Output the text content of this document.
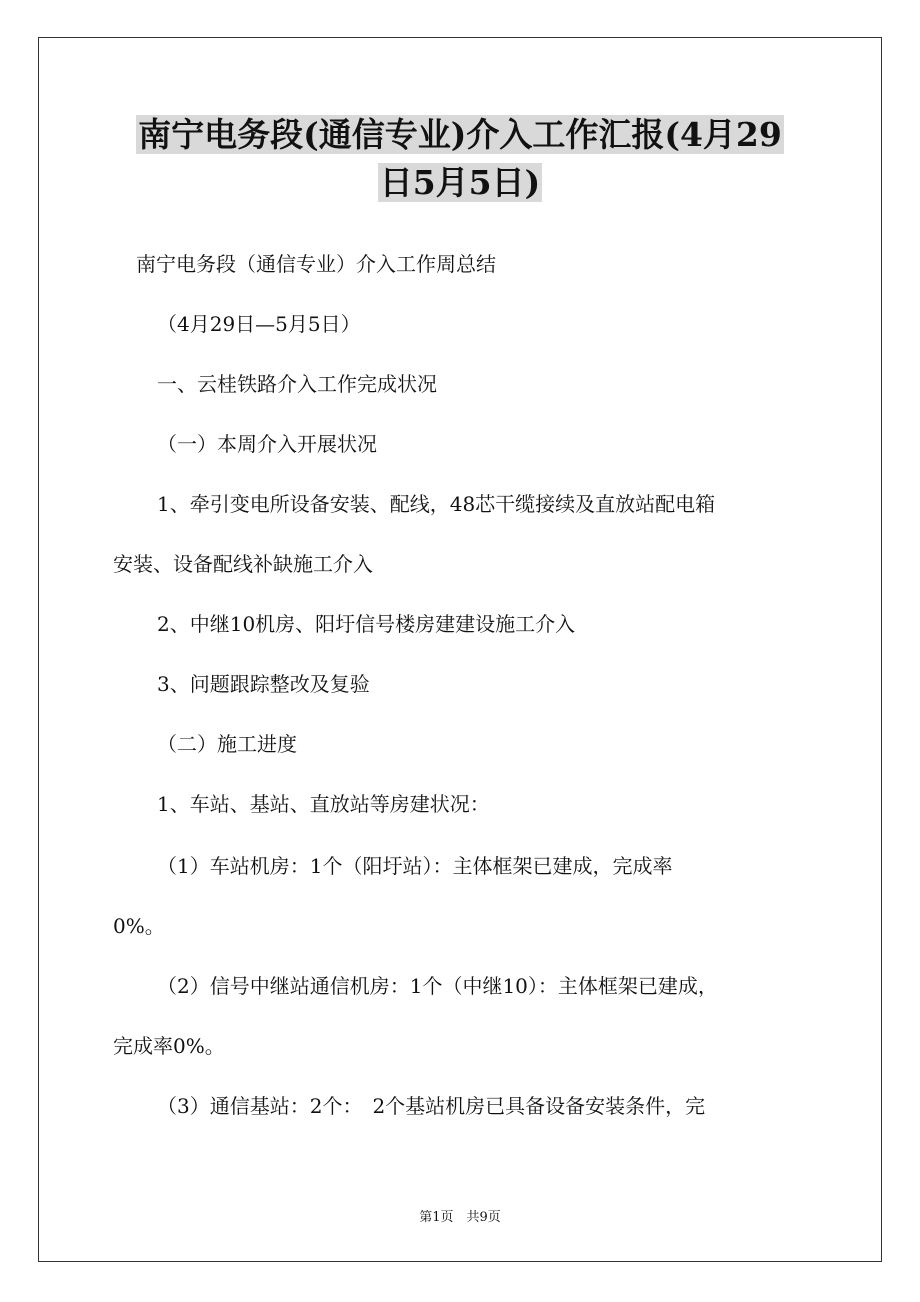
南宁电务段(通信专业)介入工作汇报(4月29
日5月5日)
南宁电务段（通信专业）介入工作周总结
（4月29日—5月5日）
一、云桂铁路介入工作完成状况
（一）本周介入开展状况
1、牵引变电所设备安装、配线，48芯干缆接续及直放站配电箱
安装、设备配线补缺施工介入
2、中继10机房、阳圩信号楼房建建设施工介入
3、问题跟踪整改及复验
（二）施工进度
1、车站、基站、直放站等房建状况：
（1）车站机房：1个（阳圩站）：主体框架已建成，完成率
0%。
（2）信号中继站通信机房：1个（中继10）：主体框架已建成，
完成率0%。
（3）通信基站：2个：　2个基站机房已具备设备安装条件，完
第1页　共9页
